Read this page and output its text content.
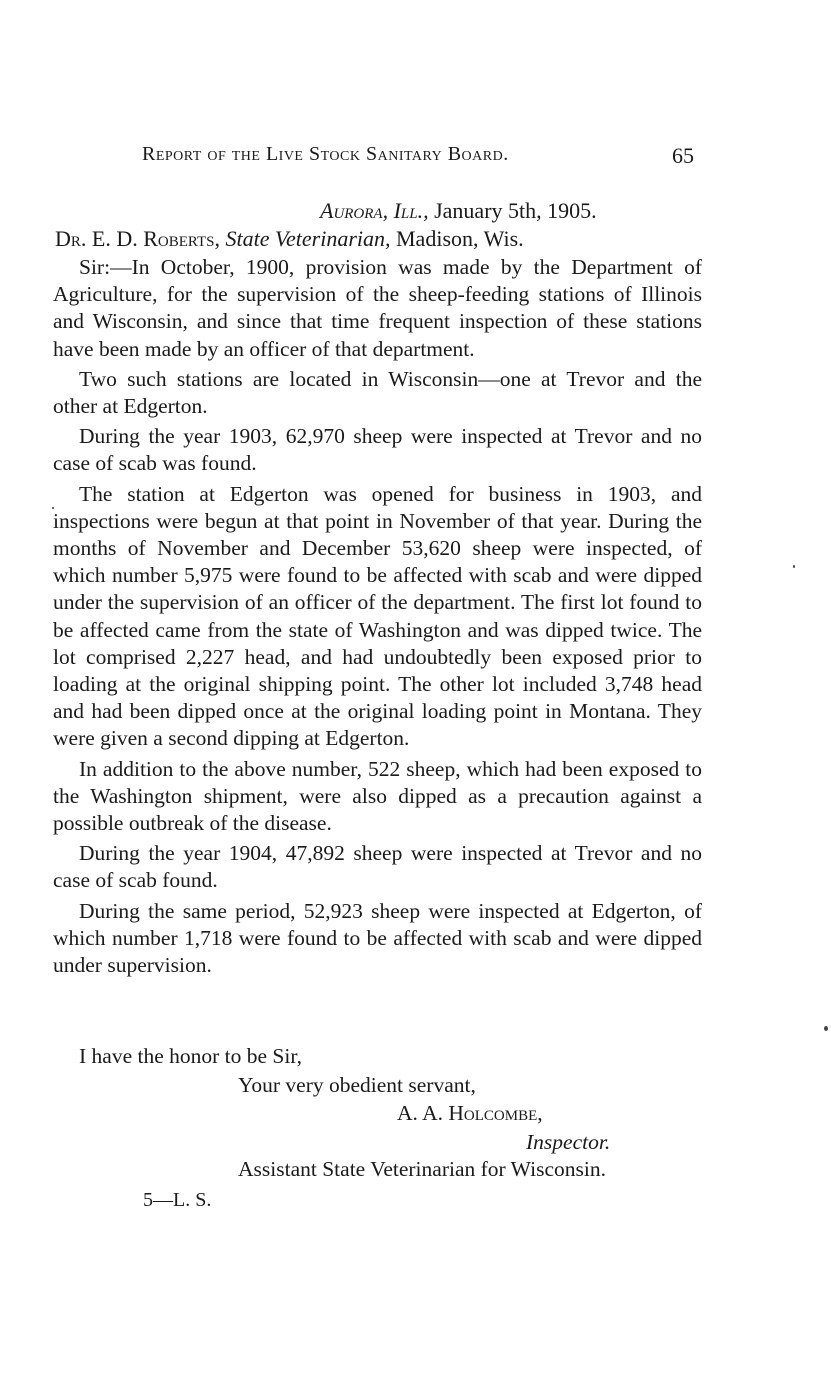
Report of the Live Stock Sanitary Board.	65
Aurora, Ill., January 5th, 1905.
Dr. E. D. Roberts, State Veterinarian, Madison, Wis.

Sir:—In October, 1900, provision was made by the Department of Agriculture, for the supervision of the sheep-feeding stations of Illinois and Wisconsin, and since that time frequent inspection of these stations have been made by an officer of that department.

Two such stations are located in Wisconsin—one at Trevor and the other at Edgerton.

During the year 1903, 62,970 sheep were inspected at Trevor and no case of scab was found.

The station at Edgerton was opened for business in 1903, and inspections were begun at that point in November of that year. During the months of November and December 53,620 sheep were inspected, of which number 5,975 were found to be affected with scab and were dipped under the supervision of an officer of the department. The first lot found to be affected came from the state of Washington and was dipped twice. The lot comprised 2,227 head, and had undoubtedly been exposed prior to loading at the original shipping point. The other lot included 3,748 head and had been dipped once at the original loading point in Montana. They were given a second dipping at Edgerton.

In addition to the above number, 522 sheep, which had been exposed to the Washington shipment, were also dipped as a precaution against a possible outbreak of the disease.

During the year 1904, 47,892 sheep were inspected at Trevor and no case of scab found.

During the same period, 52,923 sheep were inspected at Edgerton, of which number 1,718 were found to be affected with scab and were dipped under supervision.

I have the honor to be Sir,
Your very obedient servant,
A. A. Holcombe,
Inspector.
Assistant State Veterinarian for Wisconsin.
5—L. S.
